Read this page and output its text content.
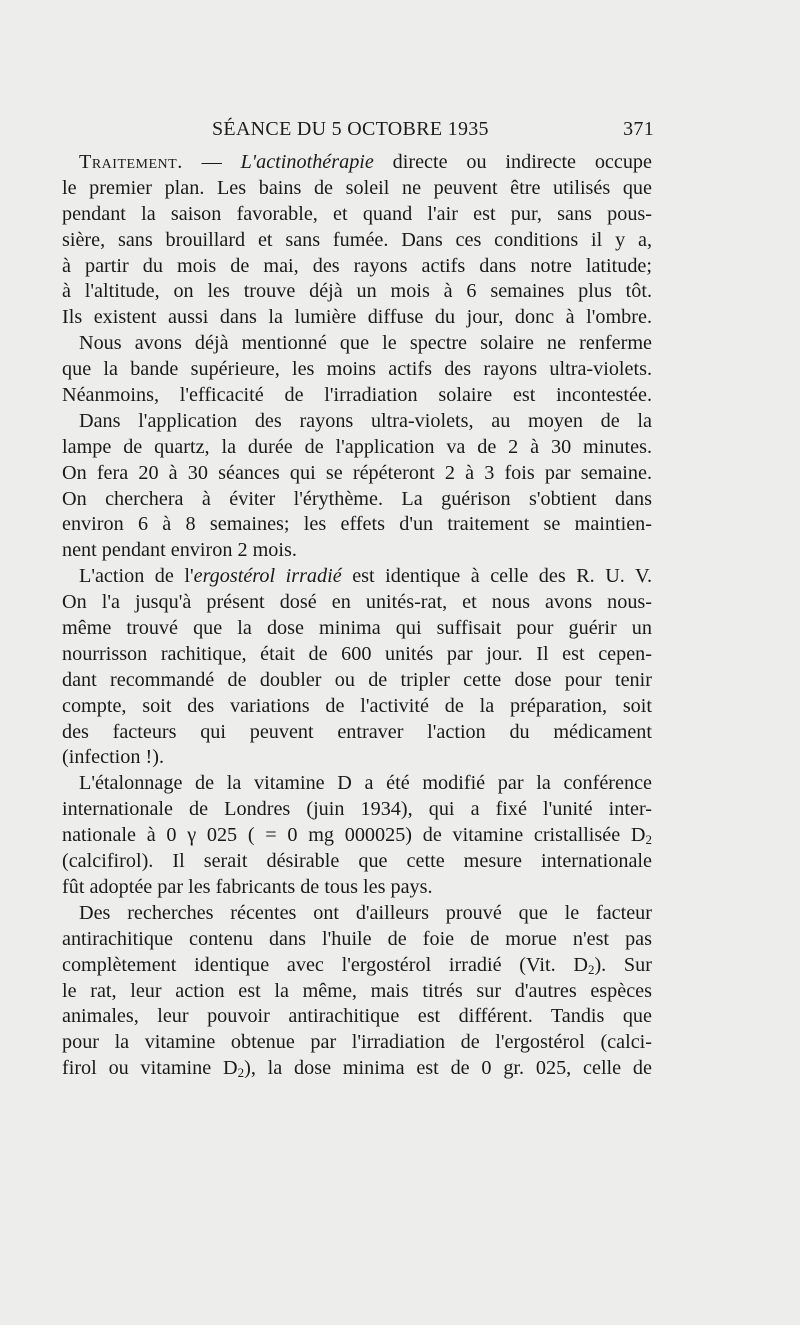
SÉANCE DU 5 OCTOBRE 1935	371
Traitement. — L'actinothérapie directe ou indirecte occupe
le premier plan. Les bains de soleil ne peuvent être utilisés que
pendant la saison favorable, et quand l'air est pur, sans pous-
sière, sans brouillard et sans fumée. Dans ces conditions il y a,
à partir du mois de mai, des rayons actifs dans notre latitude;
à l'altitude, on les trouve déjà un mois à 6 semaines plus tôt.
Ils existent aussi dans la lumière diffuse du jour, donc à l'ombre.
Nous avons déjà mentionné que le spectre solaire ne renferme
que la bande supérieure, les moins actifs des rayons ultra-violets.
Néanmoins, l'efficacité de l'irradiation solaire est incontestée.
Dans l'application des rayons ultra-violets, au moyen de la
lampe de quartz, la durée de l'application va de 2 à 30 minutes.
On fera 20 à 30 séances qui se répéteront 2 à 3 fois par semaine.
On cherchera à éviter l'érythème. La guérison s'obtient dans
environ 6 à 8 semaines; les effets d'un traitement se maintien-
nent pendant environ 2 mois.
L'action de l'ergostérol irradié est identique à celle des R. U. V.
On l'a jusqu'à présent dosé en unités-rat, et nous avons nous-
même trouvé que la dose minima qui suffisait pour guérir un
nourrisson rachitique, était de 600 unités par jour. Il est cepen-
dant recommandé de doubler ou de tripler cette dose pour tenir
compte, soit des variations de l'activité de la préparation, soit
des facteurs qui peuvent entraver l'action du médicament
(infection !).
L'étalonnage de la vitamine D a été modifié par la conférence
internationale de Londres (juin 1934), qui a fixé l'unité inter-
nationale à 0 γ 025 ( = 0 mg 000025) de vitamine cristallisée $D_2$
(calcifirol). Il serait désirable que cette mesure internationale
fût adoptée par les fabricants de tous les pays.
Des recherches récentes ont d'ailleurs prouvé que le facteur
antirachitique contenu dans l'huile de foie de morue n'est pas
complètement identique avec l'ergostérol irradié (Vit. $D_2$). Sur
le rat, leur action est la même, mais titrés sur d'autres espèces
animales, leur pouvoir antirachitique est différent. Tandis que
pour la vitamine obtenue par l'irradiation de l'ergostérol (calci-
firol ou vitamine $D_2$), la dose minima est de 0 gr. 025, celle de
